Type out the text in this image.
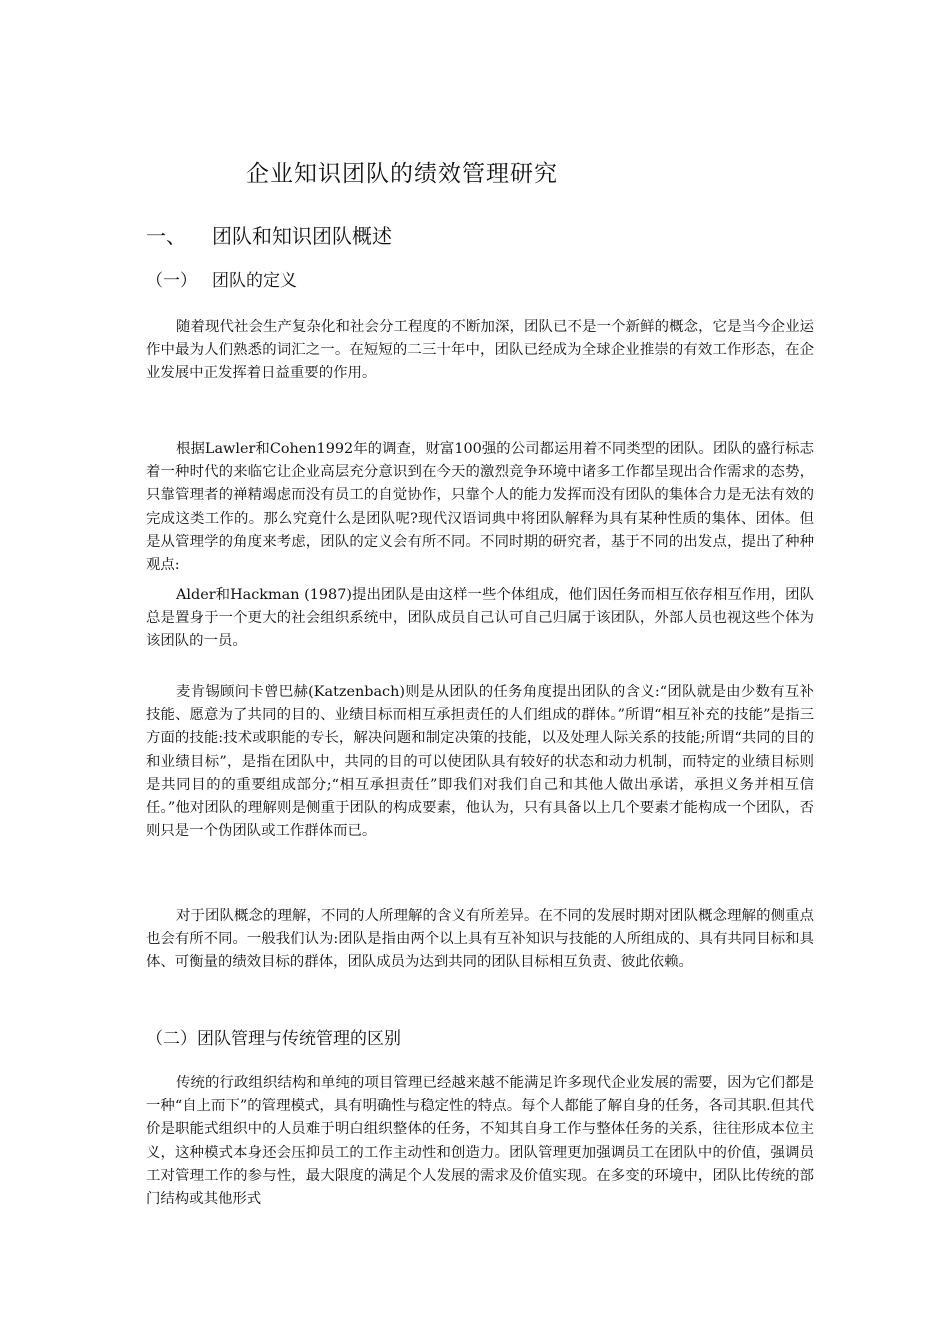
企业知识团队的绩效管理研究
一、 团队和知识团队概述
（一） 团队的定义

随着现代社会生产复杂化和社会分工程度的不断加深，团队已不是一个新鲜的概念，它是当今企业运作中最为人们熟悉的词汇之一。在短短的二三十年中，团队已经成为全球企业推崇的有效工作形态，在企业发展中正发挥着日益重要的作用。

根据Lawler和Cohen1992年的调查，财富100强的公司都运用着不同类型的团队。团队的盛行标志着一种时代的来临它让企业高层充分意识到在今天的激烈竞争环境中诸多工作都呈现出合作需求的态势，只靠管理者的禅精竭虑而没有员工的自觉协作，只靠个人的能力发挥而没有团队的集体合力是无法有效的完成这类工作的。那么究竟什么是团队呢?现代汉语词典中将团队解释为具有某种性质的集体、团体。但是从管理学的角度来考虑，团队的定义会有所不同。不同时期的研究者，基于不同的出发点，提出了种种观点:

Alder和Hackman (1987)提出团队是由这样一些个体组成，他们因任务而相互依存相互作用，团队总是置身于一个更大的社会组织系统中，团队成员自己认可自己归属于该团队，外部人员也视这些个体为该团队的一员。

麦肯锡顾问卡曾巴赫(Katzenbach)则是从团队的任务角度提出团队的含义:“团队就是由少数有互补技能、愿意为了共同的目的、业绩目标而相互承担责任的人们组成的群体。”所谓“相互补充的技能”是指三方面的技能:技术或职能的专长，解决问题和制定决策的技能，以及处理人际关系的技能;所谓“共同的目的和业绩目标”，是指在团队中，共同的目的可以使团队具有较好的状态和动力机制，而特定的业绩目标则是共同目的的重要组成部分;“相互承担责任”即我们对我们自己和其他人做出承诺，承担义务并相互信任。”他对团队的理解则是侧重于团队的构成要素，他认为，只有具备以上几个要素才能构成一个团队，否则只是一个伪团队或工作群体而已。

对于团队概念的理解，不同的人所理解的含义有所差异。在不同的发展时期对团队概念理解的侧重点也会有所不同。一般我们认为:团队是指由两个以上具有互补知识与技能的人所组成的、具有共同目标和具体、可衡量的绩效目标的群体，团队成员为达到共同的团队目标相互负责、彼此依赖。

（二）团队管理与传统管理的区别

传统的行政组织结构和单纯的项目管理已经越来越不能满足许多现代企业发展的需要，因为它们都是一种“自上而下”的管理模式，具有明确性与稳定性的特点。每个人都能了解自身的任务，各司其职.但其代价是职能式组织中的人员难于明白组织整体的任务，不知其自身工作与整体任务的关系，往往形成本位主义，这种模式本身还会压抑员工的工作主动性和创造力。团队管理更加强调员工在团队中的价值，强调员工对管理工作的参与性，最大限度的满足个人发展的需求及价值实现。在多变的环境中，团队比传统的部门结构或其他形式
